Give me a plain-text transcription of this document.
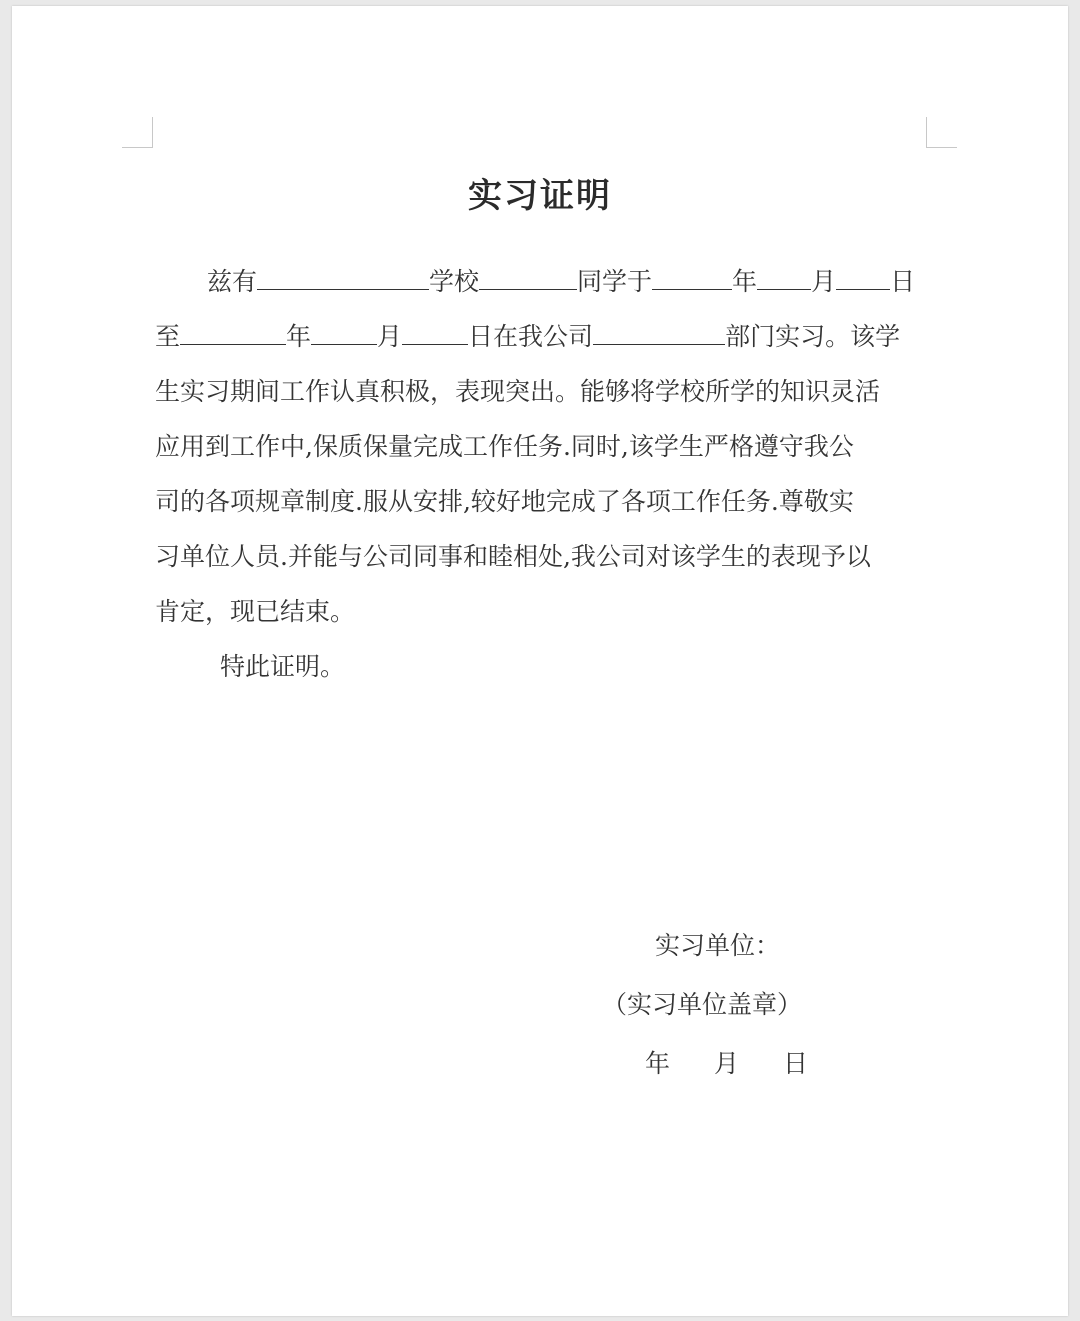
实习证明
兹有	学校	同学于	年 月 日
至	年	月	日在我公司	部门实习。该学
生实习期间工作认真积极，表现突出。能够将学校所学的知识灵活
应用到工作中,保质保量完成工作任务.同时,该学生严格遵守我公
司的各项规章制度.服从安排,较好地完成了各项工作任务.尊敬实
习单位人员.并能与公司同事和睦相处,我公司对该学生的表现予以
肯定，现已结束。
特此证明。
实习单位：
（实习单位盖章）
年 月 日
